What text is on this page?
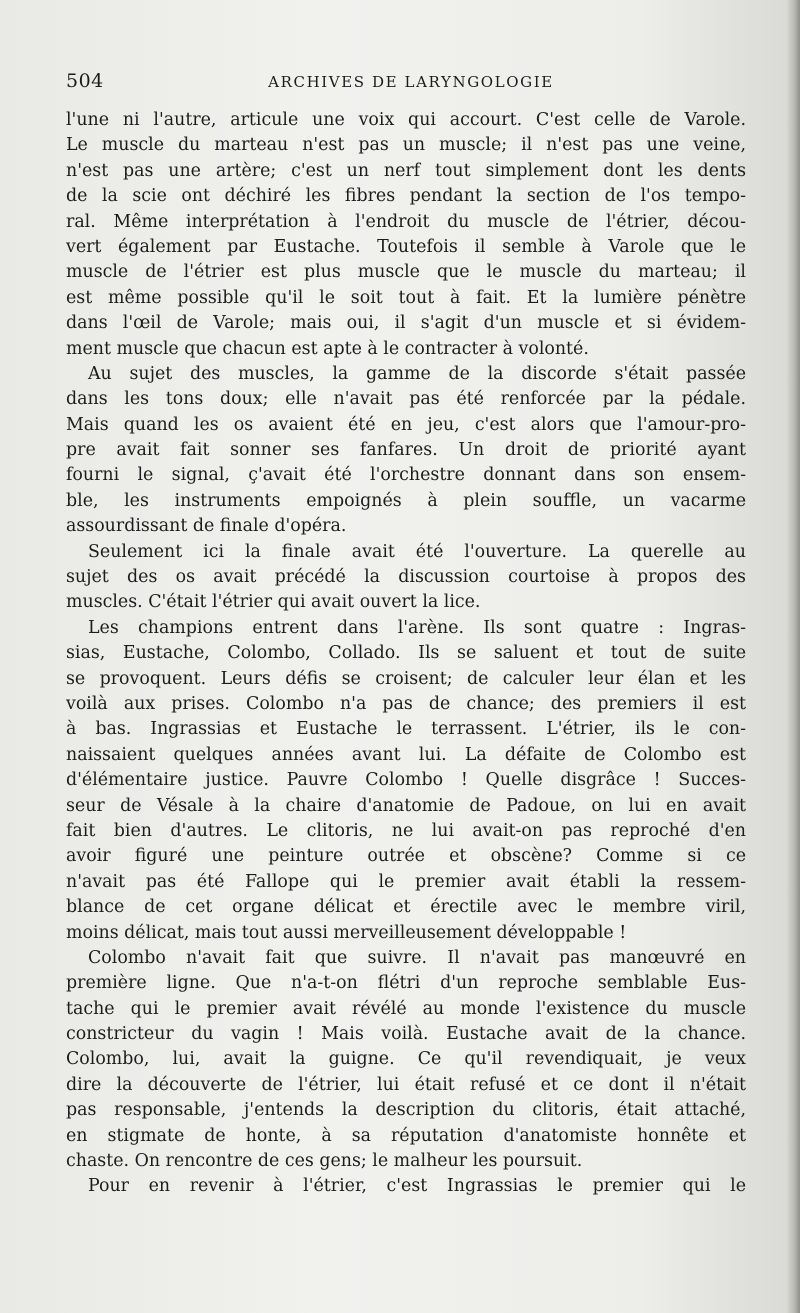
504	ARCHIVES DE LARYNGOLOGIE
l'une ni l'autre, articule une voix qui accourt. C'est celle de Varole.
Le muscle du marteau n'est pas un muscle; il n'est pas une veine,
n'est pas une artère; c'est un nerf tout simplement dont les dents
de la scie ont déchiré les fibres pendant la section de l'os tempo-
ral. Même interprétation à l'endroit du muscle de l'étrier, décou-
vert également par Eustache. Toutefois il semble à Varole que le
muscle de l'étrier est plus muscle que le muscle du marteau; il
est même possible qu'il le soit tout à fait. Et la lumière pénètre
dans l'œil de Varole; mais oui, il s'agit d'un muscle et si évidem-
ment muscle que chacun est apte à le contracter à volonté.
Au sujet des muscles, la gamme de la discorde s'était passée
dans les tons doux; elle n'avait pas été renforcée par la pédale.
Mais quand les os avaient été en jeu, c'est alors que l'amour-pro-
pre avait fait sonner ses fanfares. Un droit de priorité ayant
fourni le signal, ç'avait été l'orchestre donnant dans son ensem-
ble, les instruments empoignés à plein souffle, un vacarme
assourdissant de finale d'opéra.
Seulement ici la finale avait été l'ouverture. La querelle au
sujet des os avait précédé la discussion courtoise à propos des
muscles. C'était l'étrier qui avait ouvert la lice.
Les champions entrent dans l'arène. Ils sont quatre : Ingras-
sias, Eustache, Colombo, Collado. Ils se saluent et tout de suite
se provoquent. Leurs défis se croisent; de calculer leur élan et les
voilà aux prises. Colombo n'a pas de chance; des premiers il est
à bas. Ingrassias et Eustache le terrassent. L'étrier, ils le con-
naissaient quelques années avant lui. La défaite de Colombo est
d'élémentaire justice. Pauvre Colombo ! Quelle disgrâce ! Succes-
seur de Vésale à la chaire d'anatomie de Padoue, on lui en avait
fait bien d'autres. Le clitoris, ne lui avait-on pas reproché d'en
avoir figuré une peinture outrée et obscène? Comme si ce
n'avait pas été Fallope qui le premier avait établi la ressem-
blance de cet organe délicat et érectile avec le membre viril,
moins délicat, mais tout aussi merveilleusement développable !
Colombo n'avait fait que suivre. Il n'avait pas manœuvré en
première ligne. Que n'a-t-on flétri d'un reproche semblable Eus-
tache qui le premier avait révélé au monde l'existence du muscle
constricteur du vagin ! Mais voilà. Eustache avait de la chance.
Colombo, lui, avait la guigne. Ce qu'il revendiquait, je veux
dire la découverte de l'étrier, lui était refusé et ce dont il n'était
pas responsable, j'entends la description du clitoris, était attaché,
en stigmate de honte, à sa réputation d'anatomiste honnête et
chaste. On rencontre de ces gens; le malheur les poursuit.
Pour en revenir à l'étrier, c'est Ingrassias le premier qui le
